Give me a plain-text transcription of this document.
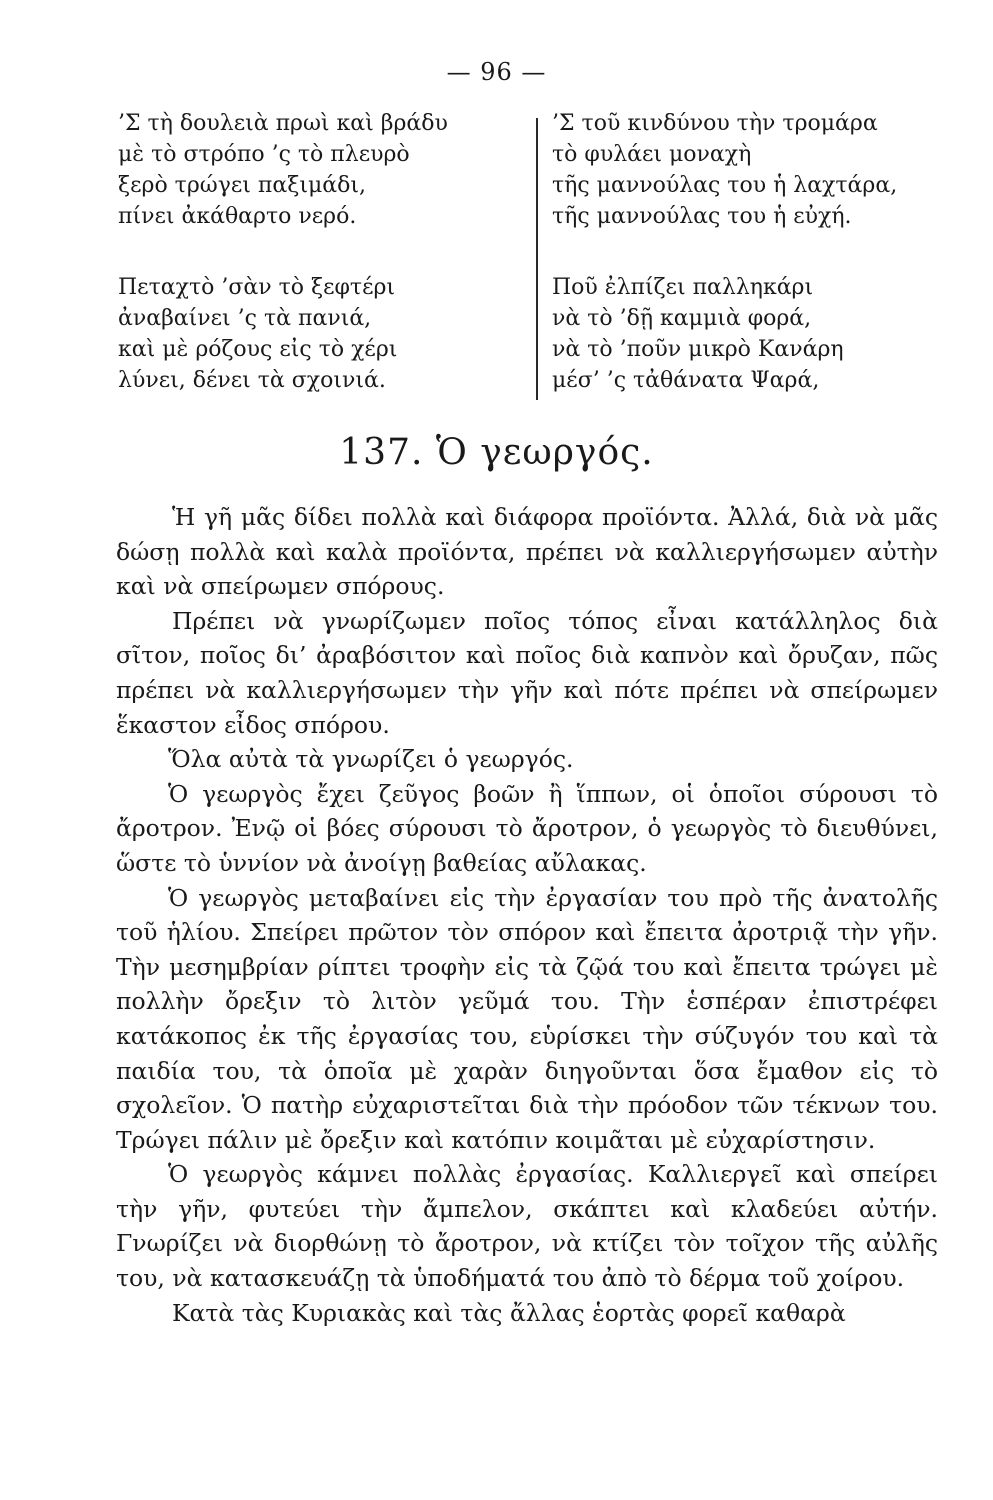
— 96 —

’Σ τὴ δουλειὰ πρωὶ καὶ βράδυ

μὲ τὸ στρόπο ’ς τὸ πλευρὸ

ξερὸ τρώγει παξιμάδι,

πίνει ἀκάθαρτο νερό.

Πεταχτὸ ’σὰν τὸ ξεφτέρι

ἀναβαίνει ’ς τὰ πανιά,

καὶ μὲ ρόζους εἰς τὸ χέρι

λύνει, δένει τὰ σχοινιά.

’Σ τοῦ κινδύνου τὴν τρομάρα

τὸ φυλάει μοναχὴ

τῆς μαννούλας του ἡ λαχτάρα,

τῆς μαννούλας του ἡ εὐχή.

Ποῦ ἐλπίζει παλληκάρι

νὰ τὸ ’δῇ καμμιὰ φορά,

νὰ τὸ ’ποῦν μικρὸ Κανάρη

μέσ’ ’ς τἀθάνατα Ψαρά,

137. Ὁ γεωργός.

Ἡ γῆ μᾶς δίδει πολλὰ καὶ διάφορα προϊόντα. Ἀλλά, διὰ νὰ μᾶς δώσῃ πολλὰ καὶ καλὰ προϊόντα, πρέπει νὰ καλλιεργήσωμεν αὐτὴν καὶ νὰ σπείρωμεν σπόρους.

Πρέπει νὰ γνωρίζωμεν ποῖος τόπος εἶναι κατάλληλος διὰ σῖτον, ποῖος δι’ ἀραβόσιτον καὶ ποῖος διὰ καπνὸν καὶ ὄρυζαν, πῶς πρέπει νὰ καλλιεργήσωμεν τὴν γῆν καὶ πότε πρέπει νὰ σπείρωμεν ἕκαστον εἶδος σπόρου.

Ὅλα αὐτὰ τὰ γνωρίζει ὁ γεωργός.

Ὁ γεωργὸς ἔχει ζεῦγος βοῶν ἢ ἵππων, οἱ ὁποῖοι σύρουσι τὸ ἄροτρον. Ἐνῷ οἱ βόες σύρουσι τὸ ἄροτρον, ὁ γεωργὸς τὸ διευθύνει, ὥστε τὸ ὑννίον νὰ ἀνοίγῃ βαθείας αὔλακας.

Ὁ γεωργὸς μεταβαίνει εἰς τὴν ἐργασίαν του πρὸ τῆς ἀνατολῆς τοῦ ἡλίου. Σπείρει πρῶτον τὸν σπόρον καὶ ἔπειτα ἀροτριᾷ τὴν γῆν. Τὴν μεσημβρίαν ρίπτει τροφὴν εἰς τὰ ζῷά του καὶ ἔπειτα τρώγει μὲ πολλὴν ὄρεξιν τὸ λιτὸν γεῦμά του. Τὴν ἑσπέραν ἐπιστρέφει κατάκοπος ἐκ τῆς ἐργασίας του, εὑρίσκει τὴν σύζυγόν του καὶ τὰ παιδία του, τὰ ὁποῖα μὲ χαρὰν διηγοῦνται ὅσα ἔμαθον εἰς τὸ σχολεῖον. Ὁ πατὴρ εὐχαριστεῖται διὰ τὴν πρόοδον τῶν τέκνων του. Τρώγει πάλιν μὲ ὄρεξιν καὶ κατόπιν κοιμᾶται μὲ εὐχαρίστησιν.

Ὁ γεωργὸς κάμνει πολλὰς ἐργασίας. Καλλιεργεῖ καὶ σπείρει τὴν γῆν, φυτεύει τὴν ἄμπελον, σκάπτει καὶ κλαδεύει αὐτήν. Γνωρίζει νὰ διορθώνῃ τὸ ἄροτρον, νὰ κτίζει τὸν τοῖχον τῆς αὐλῆς του, νὰ κατασκευάζῃ τὰ ὑποδήματά του ἀπὸ τὸ δέρμα τοῦ χοίρου.

Κατὰ τὰς Κυριακὰς καὶ τὰς ἄλλας ἑορτὰς φορεῖ καθαρὰ
